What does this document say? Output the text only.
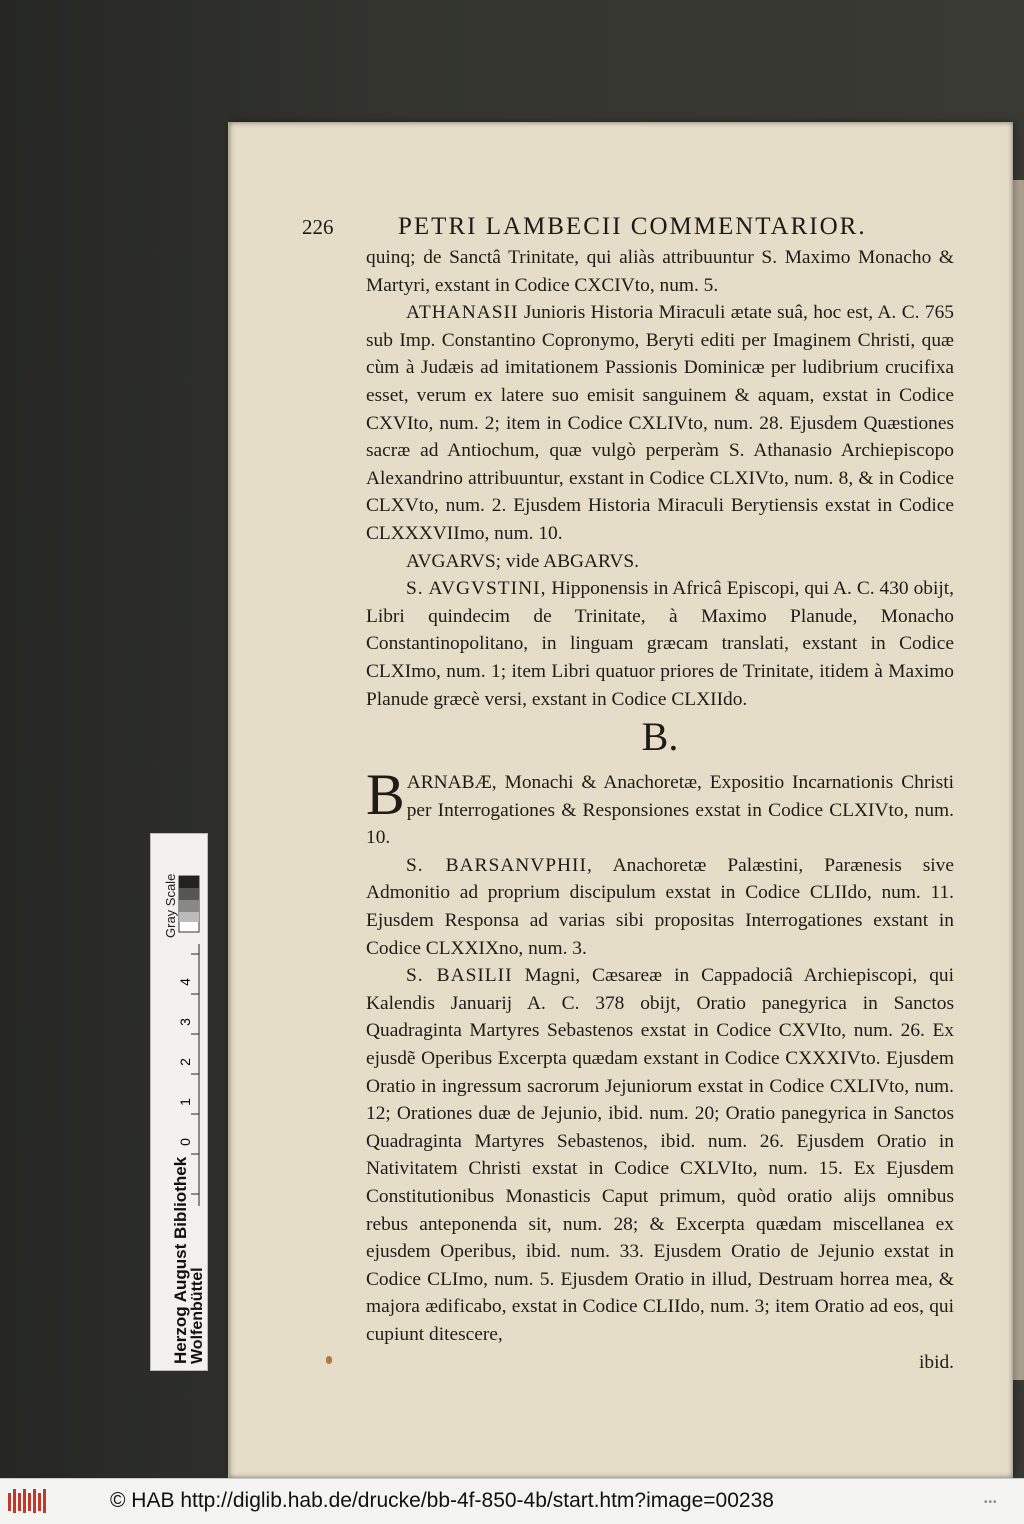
226	PETRI LAMBECII COMMENTARIOR.

quinq; de Sanctâ Trinitate, qui aliàs attribuuntur S. Maximo Monacho & Martyri, exstant in Codice CXCIVto, num. 5.

ATHANASII Junioris Historia Miraculi ætate suâ, hoc est, A. C. 765 sub Imp. Constantino Copronymo, Beryti editi per Imaginem Christi, quæ cùm à Judæis ad imitationem Passionis Dominicæ per ludibrium crucifixa esset, verum ex latere suo emisit sanguinem & aquam, exstat in Codice CXVIto, num. 2; item in Codice CXLIVto, num. 28. Ejusdem Quæstiones sacræ ad Antiochum, quæ vulgò perperàm S. Athanasio Archiepiscopo Alexandrino attribuuntur, exstant in Codice CLXIVto, num. 8, & in Codice CLXVto, num. 2. Ejusdem Historia Miraculi Berytiensis exstat in Codice CLXXXVIImo, num. 10.

AVGARVS; vide ABGARVS.

S. AVGVSTINI, Hipponensis in Africâ Episcopi, qui A. C. 430 obijt, Libri quindecim de Trinitate, à Maximo Planude, Monacho Constantinopolitano, in linguam græcam translati, exstant in Codice CLXImo, num. 1; item Libri quatuor priores de Trinitate, itidem à Maximo Planude græcè versi, exstant in Codice CLXIIdo.

B.

BARNABÆ, Monachi & Anachoretæ, Expositio Incarnationis Christi per Interrogationes & Responsiones exstat in Codice CLXIVto, num. 10.

S. BARSANVPHII, Anachoretæ Palæstini, Parænesis sive Admonitio ad proprium discipulum exstat in Codice CLIIdo, num. 11. Ejusdem Responsa ad varias sibi propositas Interrogationes exstant in Codice CLXXIXno, num. 3.

S. BASILII Magni, Cæsareæ in Cappadociâ Archiepiscopi, qui Kalendis Januarij A. C. 378 obijt, Oratio panegyrica in Sanctos Quadraginta Martyres Sebastenos exstat in Codice CXVIto, num. 26. Ex ejusdẽ Operibus Excerpta quædam exstant in Codice CXXXIVto. Ejusdem Oratio in ingressum sacrorum Jejuniorum exstat in Codice CXLIVto, num. 12; Orationes duæ de Jejunio, ibid. num. 20; Oratio panegyrica in Sanctos Quadraginta Martyres Sebastenos, ibid. num. 26. Ejusdem Oratio in Nativitatem Christi exstat in Codice CXLVIto, num. 15. Ex Ejusdem Constitutionibus Monasticis Caput primum, quòd oratio alijs omnibus rebus anteponenda sit, num. 28; & Excerpta quædam miscellanea ex ejusdem Operibus, ibid. num. 33. Ejusdem Oratio de Jejunio exstat in Codice CLImo, num. 5. Ejusdem Oratio in illud, Destruam horrea mea, & majora ædificabo, exstat in Codice CLIIdo, num. 3; item Oratio ad eos, qui cupiunt ditescere,

ibid.

Herzog August Bibliothek Wolfenbüttel
Gray Scale
4
3
2
1
0
© HAB http://diglib.hab.de/drucke/bb-4f-850-4b/start.htm?image=00238	•••
